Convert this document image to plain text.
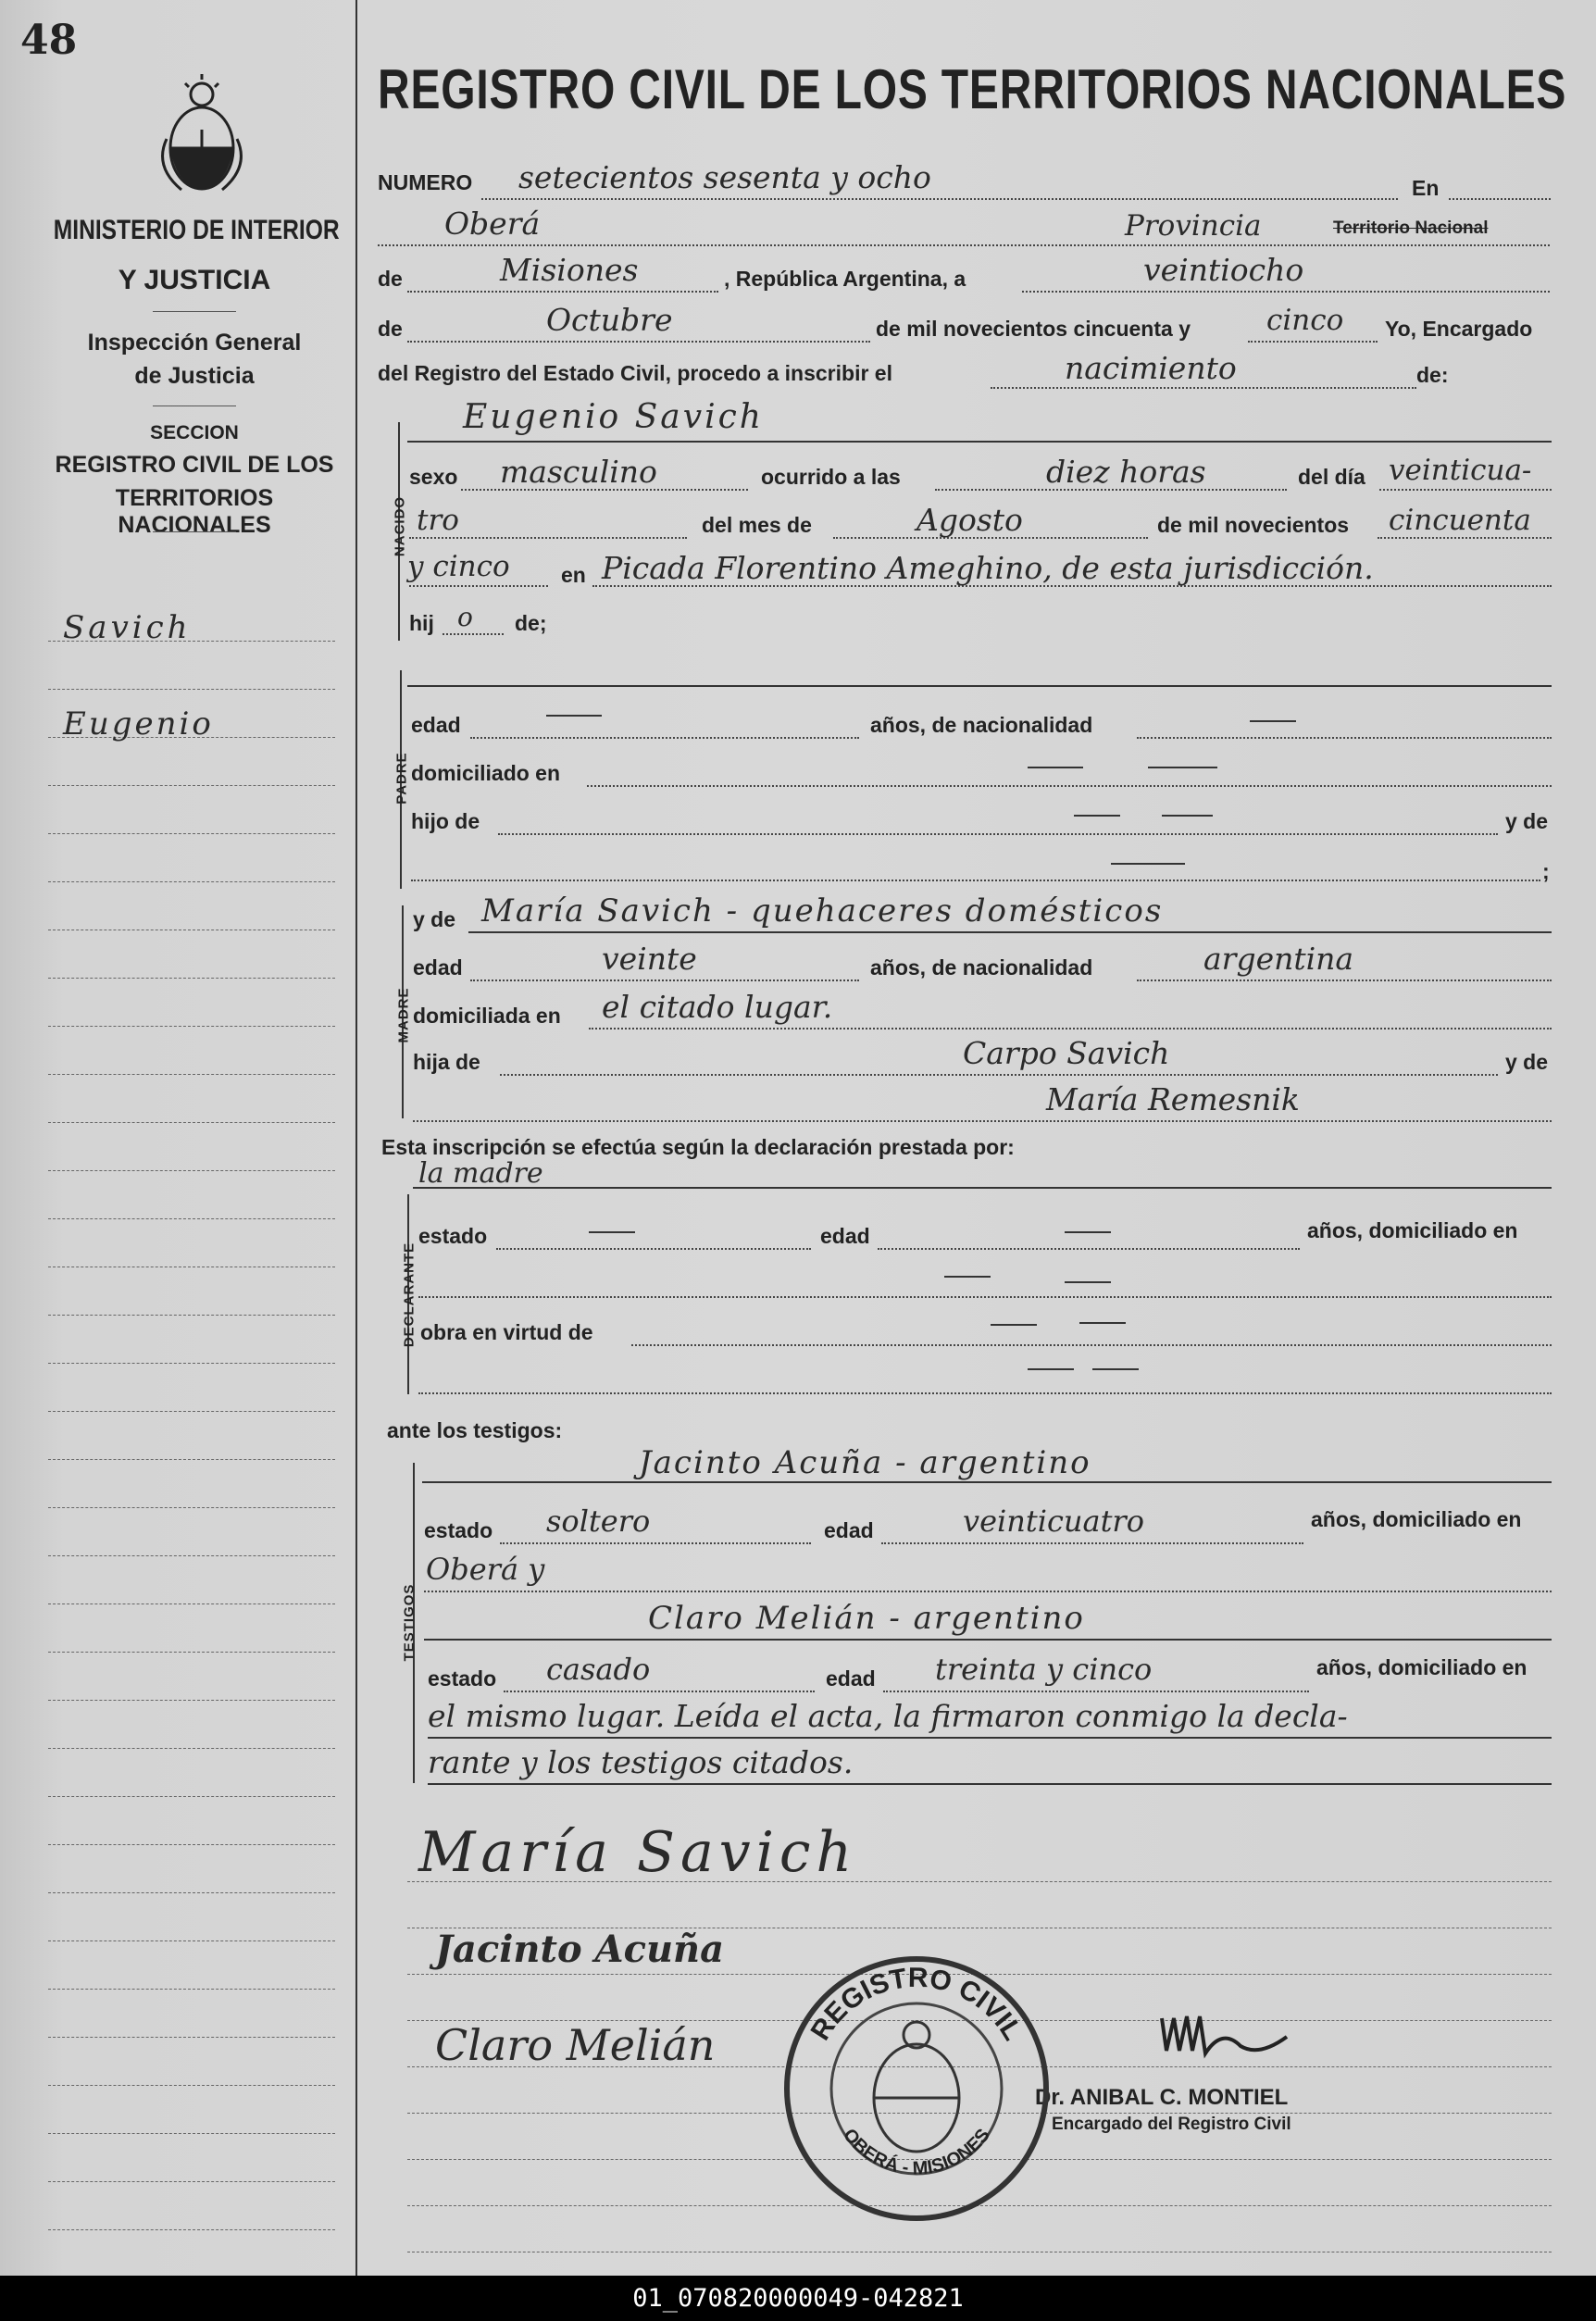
48
MINISTERIO DE INTERIOR
Y JUSTICIA
Inspección General
de Justicia
SECCION
REGISTRO CIVIL DE LOS
TERRITORIOS NACIONALES
Savich
Eugenio
REGISTRO CIVIL DE LOS TERRITORIOS NACIONALES
NUMERO setecientos sesenta y ocho	En
Oberá	Provincia	Territorio Nacional
de	Misiones	, República Argentina, a	veintiocho
de	Octubre	de mil novecientos cincuenta y	cinco Yo, Encargado
del Registro del Estado Civil, procedo a inscribir el	nacimiento	de:
NACIDO
Eugenio Savich
sexo masculino	ocurrido a las	diez horas	del día veinticua-
tro	del mes de	Agosto	de mil novecientos cincuenta
y cinco en Picada Florentino Ameghino, de esta jurisdicción.
hij o de;
PADRE
edad	años, de nacionalidad
domiciliado en
hijo de	y de
;
MADRE
y de María Savich - quehaceres domésticos
edad	veinte	años, de nacionalidad	argentina
domiciliada en el citado lugar.
hija de	Carpo Savich	y de
María Remesnik
Esta inscripción se efectúa según la declaración prestada por:
la madre
DECLARANTE
estado	edad	años, domiciliado en
obra en virtud de
ante los testigos:
TESTIGOS
Jacinto Acuña - argentino
estado soltero	edad	veinticuatro	años, domiciliado en
Oberá y
Claro Melián - argentino
estado casado	edad treinta y cinco	años, domiciliado en
el mismo lugar. Leída el acta, la firmaron conmigo la decla-
rante y los testigos citados.
María Savich
Jacinto Acuña
Claro Melián
Dr. ANIBAL C. MONTIEL
Encargado del Registro Civil
REGISTRO CIVIL
OBERÁ - MISIONES
01_070820000049-042821
